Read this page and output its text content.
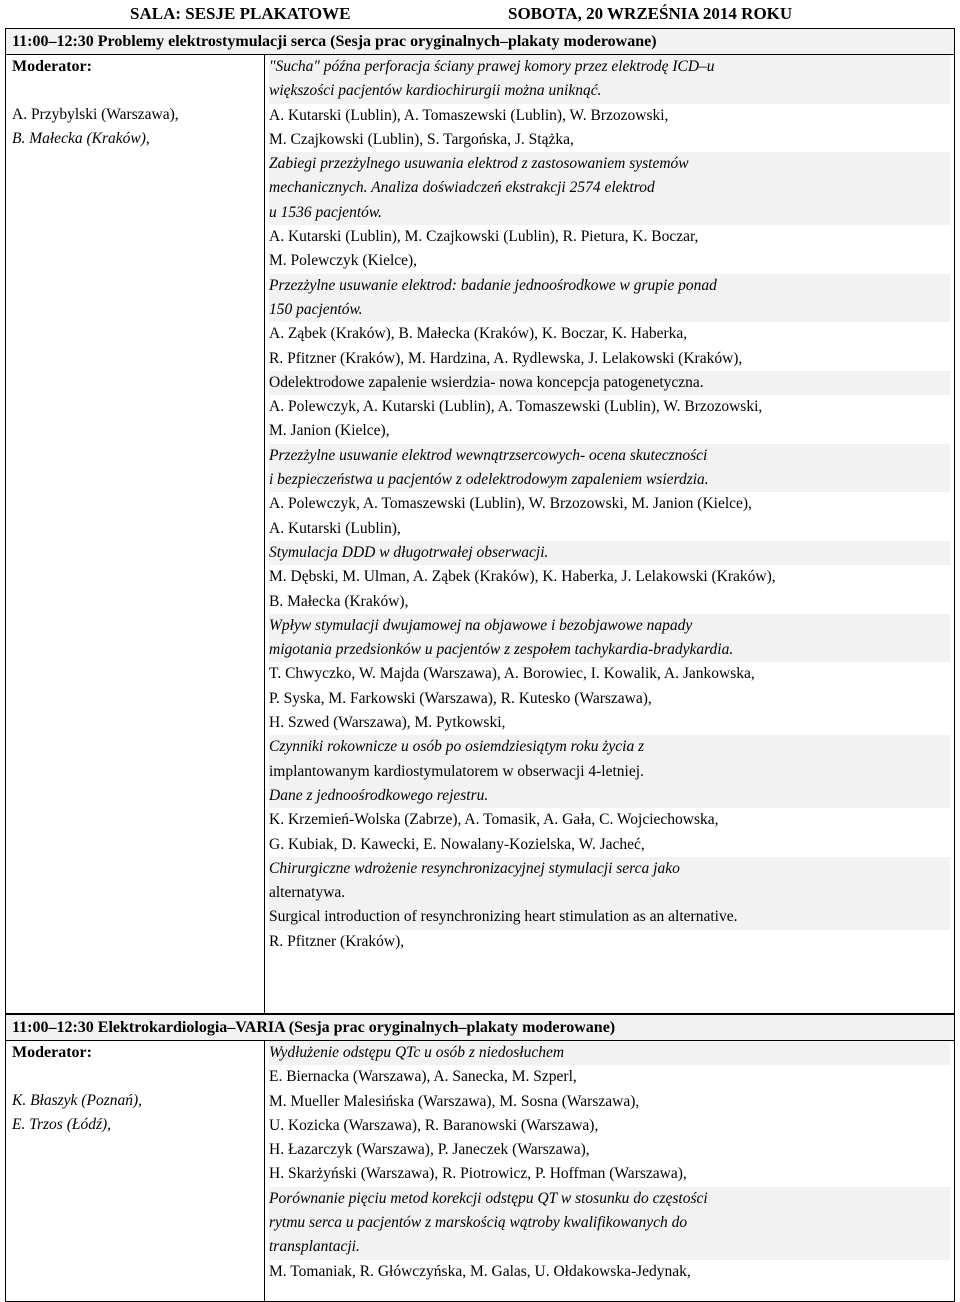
SALA: SESJE PLAKATOWE	SOBOTA, 20 WRZEŚNIA 2014 ROKU
11:00–12:30 Problemy elektrostymulacji serca (Sesja prac oryginalnych–plakaty moderowane)
Moderator:
A. Przybylski (Warszawa),
B. Małecka (Kraków),
"Sucha" późna perforacja ściany prawej komory przez elektrodę ICD–u
większości pacjentów kardiochirurgii można uniknąć.
A. Kutarski (Lublin), A. Tomaszewski (Lublin), W. Brzozowski,
M. Czajkowski (Lublin), S. Targońska, J. Stążka,
Zabiegi przezżylnego usuwania elektrod z zastosowaniem systemów
mechanicznych. Analiza doświadczeń ekstrakcji 2574 elektrod
u 1536 pacjentów.
A. Kutarski (Lublin), M. Czajkowski (Lublin), R. Pietura, K. Boczar,
M. Polewczyk (Kielce),
Przezżylne usuwanie elektrod: badanie jednoośrodkowe w grupie ponad
150 pacjentów.
A. Ząbek (Kraków), B. Małecka (Kraków), K. Boczar, K. Haberka,
R. Pfitzner (Kraków), M. Hardzina, A. Rydlewska, J. Lelakowski (Kraków),
Odelektrodowe zapalenie wsierdzia- nowa koncepcja patogenetyczna.
A. Polewczyk, A. Kutarski (Lublin), A. Tomaszewski (Lublin), W. Brzozowski,
M. Janion (Kielce),
Przezżylne usuwanie elektrod wewnątrzsercowych- ocena skuteczności
i bezpieczeństwa u pacjentów z odelektrodowym zapaleniem wsierdzia.
A. Polewczyk, A. Tomaszewski (Lublin), W. Brzozowski, M. Janion (Kielce),
A. Kutarski (Lublin),
Stymulacja DDD w długotrwałej obserwacji.
M. Dębski, M. Ulman, A. Ząbek (Kraków), K. Haberka, J. Lelakowski (Kraków),
B. Małecka (Kraków),
Wpływ stymulacji dwujamowej na objawowe i bezobjawowe napady
migotania przedsionków u pacjentów z zespołem tachykardia-bradykardia.
T. Chwyczko, W. Majda (Warszawa), A. Borowiec, I. Kowalik, A. Jankowska,
P. Syska, M. Farkowski (Warszawa), R. Kutesko (Warszawa),
H. Szwed (Warszawa), M. Pytkowski,
Czynniki rokownicze u osób po osiemdziesiątym roku życia z
implantowanym kardiostymulatorem w obserwacji 4-letniej.
Dane z jednoośrodkowego rejestru.
K. Krzemień-Wolska (Zabrze), A. Tomasik, A. Gała, C. Wojciechowska,
G. Kubiak, D. Kawecki, E. Nowalany-Kozielska, W. Jacheć,
Chirurgiczne wdrożenie resynchronizacyjnej stymulacji serca jako
alternatywa.
Surgical introduction of resynchronizing heart stimulation as an alternative.
R. Pfitzner (Kraków),
11:00–12:30 Elektrokardiologia–VARIA (Sesja prac oryginalnych–plakaty moderowane)
Moderator:
K. Błaszyk (Poznań),
E. Trzos (Łódź),
Wydłużenie odstępu QTc u osób z niedosłuchem
E. Biernacka (Warszawa), A. Sanecka, M. Szperl,
M. Mueller Malesińska (Warszawa), M. Sosna (Warszawa),
U. Kozicka (Warszawa), R. Baranowski (Warszawa),
H. Łazarczyk (Warszawa), P. Janeczek (Warszawa),
H. Skarżyński (Warszawa), R. Piotrowicz, P. Hoffman (Warszawa),
Porównanie pięciu metod korekcji odstępu QT w stosunku do częstości
rytmu serca u pacjentów z marskością wątroby kwalifikowanych do
transplantacji.
M. Tomaniak, R. Główczyńska, M. Galas, U. Ołdakowska-Jedynak,
